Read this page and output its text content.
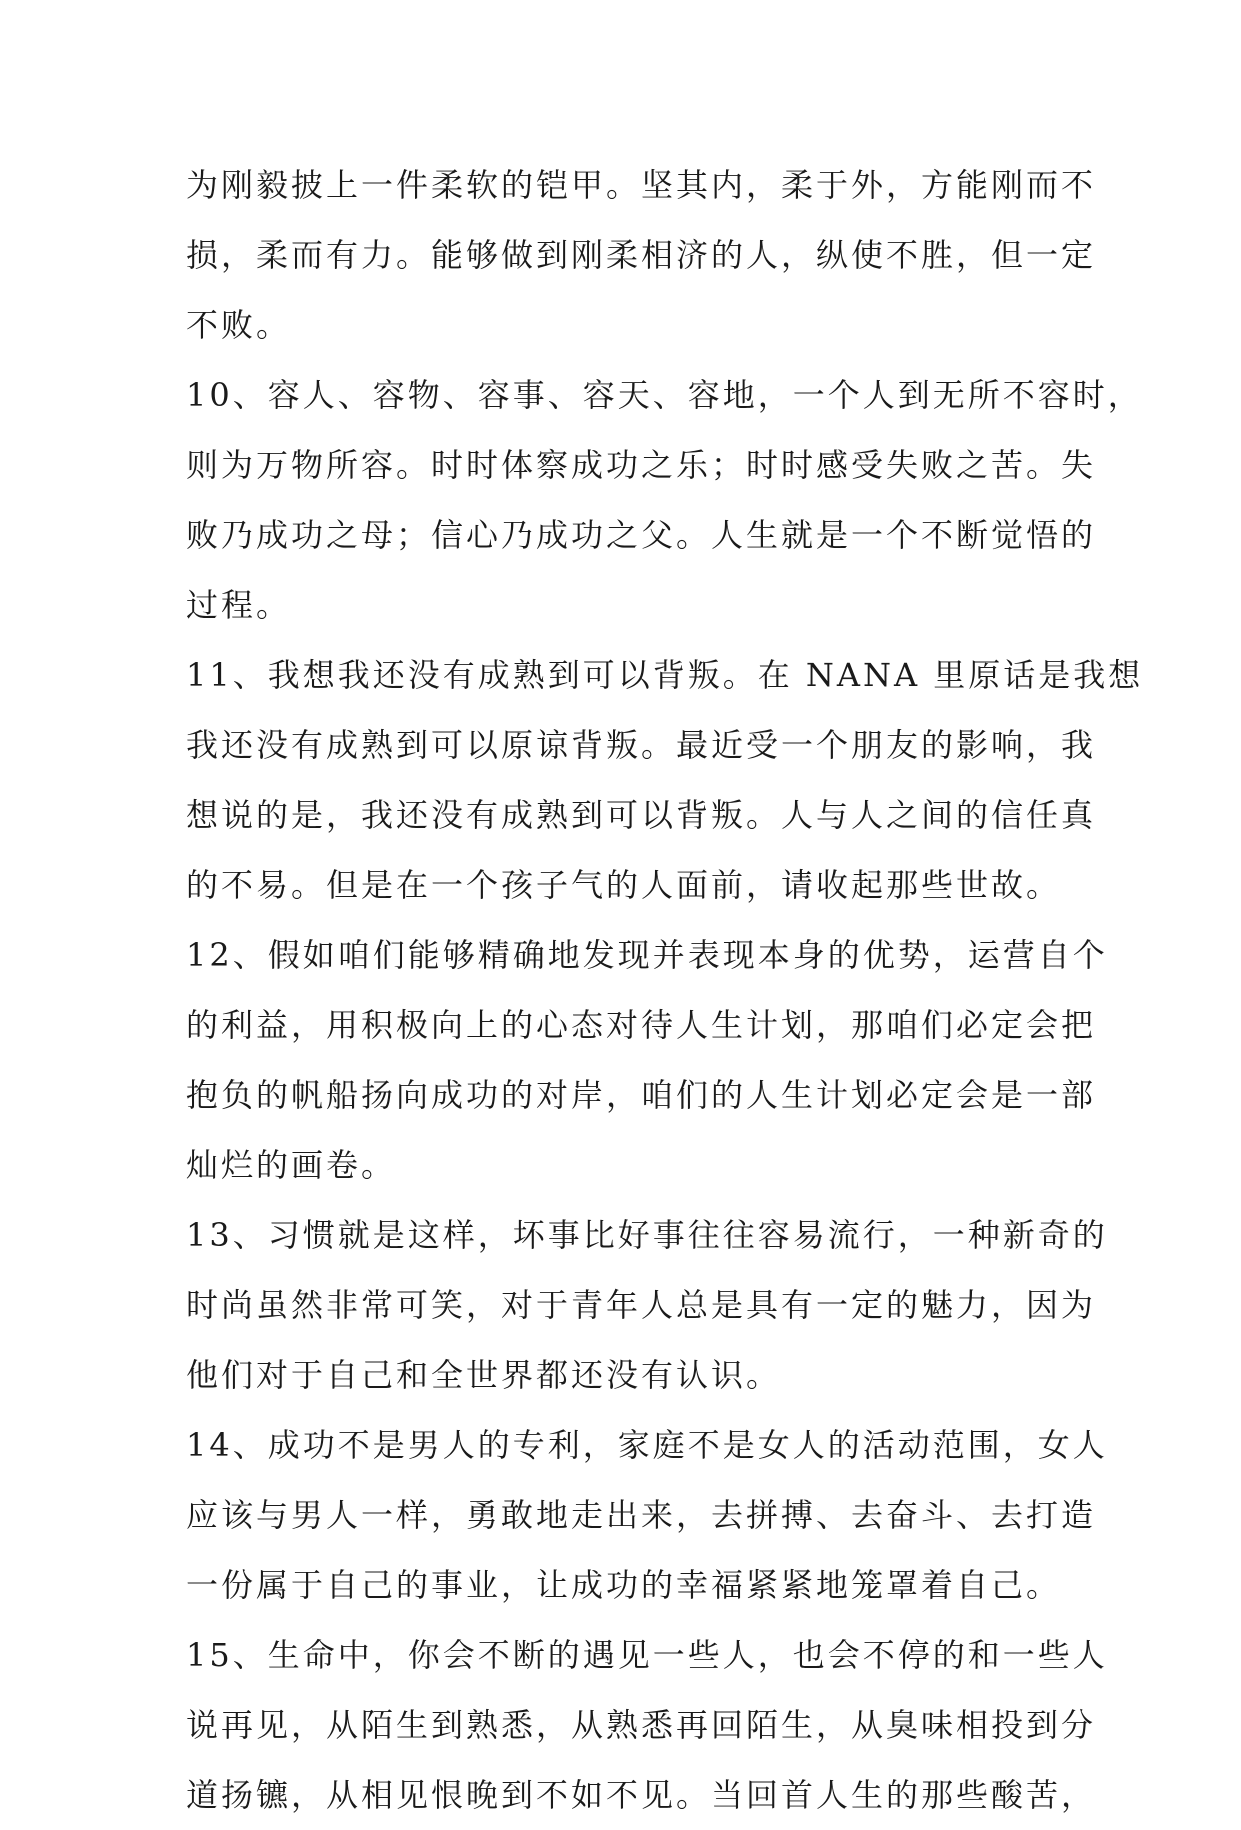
为刚毅披上一件柔软的铠甲。坚其内，柔于外，方能刚而不
损，柔而有力。能够做到刚柔相济的人，纵使不胜，但一定
不败。
10、容人、容物、容事、容天、容地，一个人到无所不容时，
则为万物所容。时时体察成功之乐；时时感受失败之苦。失
败乃成功之母；信心乃成功之父。人生就是一个不断觉悟的
过程。
11、我想我还没有成熟到可以背叛。在 NANA 里原话是我想
我还没有成熟到可以原谅背叛。最近受一个朋友的影响，我
想说的是，我还没有成熟到可以背叛。人与人之间的信任真
的不易。但是在一个孩子气的人面前，请收起那些世故。
12、假如咱们能够精确地发现并表现本身的优势，运营自个
的利益，用积极向上的心态对待人生计划，那咱们必定会把
抱负的帆船扬向成功的对岸，咱们的人生计划必定会是一部
灿烂的画卷。
13、习惯就是这样，坏事比好事往往容易流行，一种新奇的
时尚虽然非常可笑，对于青年人总是具有一定的魅力，因为
他们对于自己和全世界都还没有认识。
14、成功不是男人的专利，家庭不是女人的活动范围，女人
应该与男人一样，勇敢地走出来，去拼搏、去奋斗、去打造
一份属于自己的事业，让成功的幸福紧紧地笼罩着自己。
15、生命中，你会不断的遇见一些人，也会不停的和一些人
说再见，从陌生到熟悉，从熟悉再回陌生，从臭味相投到分
道扬镳，从相见恨晚到不如不见。当回首人生的那些酸苦，
